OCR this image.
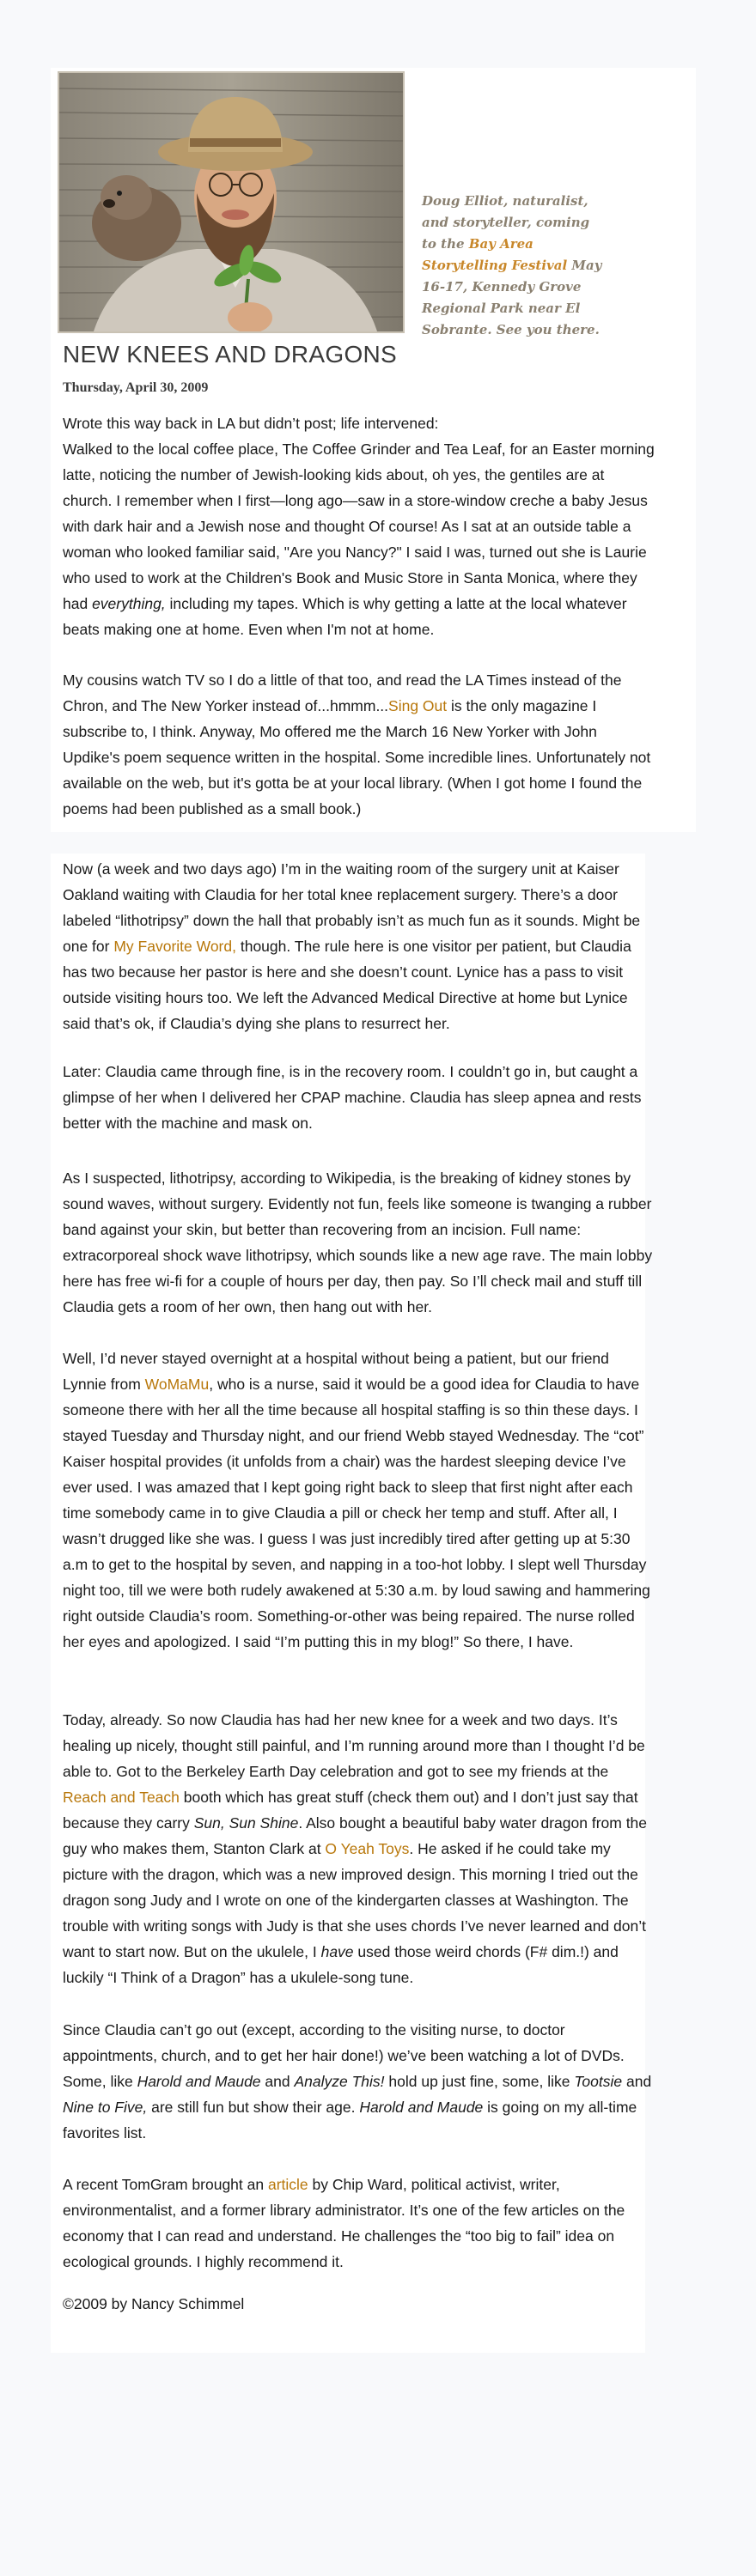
Doug Elliot, naturalist, and storyteller, coming to the Bay Area Storytelling Festival May 16-17, Kennedy Grove Regional Park near El Sobrante. See you there.

NEW KNEES AND DRAGONS
Thursday, April 30, 2009

Wrote this way back in LA but didn’t post; life intervened:
Walked to the local coffee place, The Coffee Grinder and Tea Leaf, for an Easter morning latte, noticing the number of Jewish-looking kids about, oh yes, the gentiles are at church. I remember when I first—long ago—saw in a store-window creche a baby Jesus with dark hair and a Jewish nose and thought Of course! As I sat at an outside table a woman who looked familiar said, "Are you Nancy?" I said I was, turned out she is Laurie who used to work at the Children's Book and Music Store in Santa Monica, where they had everything, including my tapes. Which is why getting a latte at the local whatever beats making one at home. Even when I'm not at home.

My cousins watch TV so I do a little of that too, and read the LA Times instead of the Chron, and The New Yorker instead of...hmmm...Sing Out is the only magazine I subscribe to, I think. Anyway, Mo offered me the March 16 New Yorker with John Updike's poem sequence written in the hospital. Some incredible lines. Unfortunately not available on the web, but it's gotta be at your local library. (When I got home I found the poems had been published as a small book.)

Now (a week and two days ago) I’m in the waiting room of the surgery unit at Kaiser Oakland waiting with Claudia for her total knee replacement surgery. There’s a door labeled “lithotripsy” down the hall that probably isn’t as much fun as it sounds. Might be one for My Favorite Word, though. The rule here is one visitor per patient, but Claudia has two because her pastor is here and she doesn’t count. Lynice has a pass to visit outside visiting hours too. We left the Advanced Medical Directive at home but Lynice said that’s ok, if Claudia’s dying she plans to resurrect her.

Later: Claudia came through fine, is in the recovery room. I couldn’t go in, but caught a glimpse of her when I delivered her CPAP machine. Claudia has sleep apnea and rests better with the machine and mask on.

As I suspected, lithotripsy, according to Wikipedia, is the breaking of kidney stones by sound waves, without surgery. Evidently not fun, feels like someone is twanging a rubber band against your skin, but better than recovering from an incision. Full name: extracorporeal shock wave lithotripsy, which sounds like a new age rave. The main lobby here has free wi-fi for a couple of hours per day, then pay. So I’ll check mail and stuff till Claudia gets a room of her own, then hang out with her.

Well, I’d never stayed overnight at a hospital without being a patient, but our friend Lynnie from WoMaMu, who is a nurse, said it would be a good idea for Claudia to have someone there with her all the time because all hospital staffing is so thin these days. I stayed Tuesday and Thursday night, and our friend Webb stayed Wednesday. The “cot” Kaiser hospital provides (it unfolds from a chair) was the hardest sleeping device I’ve ever used. I was amazed that I kept going right back to sleep that first night after each time somebody came in to give Claudia a pill or check her temp and stuff. After all, I wasn’t drugged like she was. I guess I was just incredibly tired after getting up at 5:30 a.m to get to the hospital by seven, and napping in a too-hot lobby. I slept well Thursday night too, till we were both rudely awakened at 5:30 a.m. by loud sawing and hammering right outside Claudia’s room. Something-or-other was being repaired. The nurse rolled her eyes and apologized. I said “I’m putting this in my blog!” So there, I have.

Today, already. So now Claudia has had her new knee for a week and two days. It’s healing up nicely, thought still painful, and I’m running around more than I thought I’d be able to. Got to the Berkeley Earth Day celebration and got to see my friends at the Reach and Teach booth which has great stuff (check them out) and I don’t just say that because they carry Sun, Sun Shine. Also bought a beautiful baby water dragon from the guy who makes them, Stanton Clark at O Yeah Toys. He asked if he could take my picture with the dragon, which was a new improved design. This morning I tried out the dragon song Judy and I wrote on one of the kindergarten classes at Washington. The trouble with writing songs with Judy is that she uses chords I’ve never learned and don’t want to start now. But on the ukulele, I have used those weird chords (F# dim.!) and luckily “I Think of a Dragon” has a ukulele-song tune.

Since Claudia can’t go out (except, according to the visiting nurse, to doctor appointments, church, and to get her hair done!) we’ve been watching a lot of DVDs. Some, like Harold and Maude and Analyze This! hold up just fine, some, like Tootsie and Nine to Five, are still fun but show their age. Harold and Maude is going on my all-time favorites list.

A recent TomGram brought an article by Chip Ward, political activist, writer, environmentalist, and a former library administrator. It’s one of the few articles on the economy that I can read and understand. He challenges the “too big to fail” idea on ecological grounds. I highly recommend it.

©2009 by Nancy Schimmel
